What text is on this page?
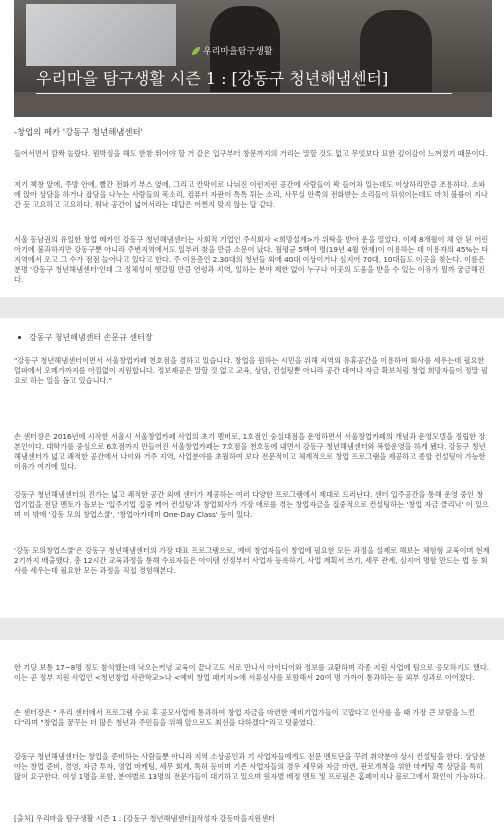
우리마을탐구생활
우리마을 탐구생활 시즌 1 : [강동구 청년해냄센터]

-창업의 메카 '강동구 청년해냄센터'

들어서면서 깜짝 놀랐다. 뭔박징을 해도 한참 뛰어야 할 거 같은 입구부터 창문까지의 거리는 말할 것도 없고 무엇보다 묘한 깊이감이 느껴졌기 때문이다.

저기 책창 앞에, 주방 안에, 빨간 전화기 부스 옆에, 그리고 칸막이로 나눠진 이런저런 공간에 사람들이 꽉 들어차 있는데도 이상하리만큼 조용하다. 소파에 앉아 상담을 하거나 잡담을 나누는 사람들의 목소리, 컴퓨터 자판이 톡톡 튀는 소리, 사무실 안쪽의 전화받는 소리들이 뒤섞이는데도 마치 볼륨이 지나간 듯 고요하고 고요하다. 워낙 공간이 넓어서라는 대답은 어쩐지 맞지 않는 답 같다.

서울 동남권의 유일한 창업 메카인 강동구 청년해냄센터는 사회적 기업인 주식회사 <희망설계>가 위탁을 받아 운을 열었다. 이제 8개월이 채 안 된 어린 아기에 불과하지만 강동구뿐 아니라 주변지역에서도 일부러 찾을 만큼 소문이 났다. 월평균 5백여 명(19년 4월 현재)이 이용하는 데 이용자의 45%는 타 지역에서 오고 그 수가 점점 늘어나고 있다고 한다. 주 이용층인 2.30대의 청년들 외에 40대 이상이거나 심지어 70대, 10대들도 이곳을 찾는다. 이름은 분명 '강동구 청년해냄센터'인데 그 정체성이 헷갈릴 만큼 연령과 지역, 일하는 분야 제한 없이 누구나 이곳의 도움을 받을 수 있는 이유가 뭘까 궁금해진다.

강동구 청년해냄센터 손문규 센터장

"강동구 청년해냄센터이면서 서울창업카페 천호점을 겸하고 있습니다. 창업을 원하는 시민을 위해 지역의 유휴공간을 이용하여 회사를 세우는데 필요한 얼파에서 오메가까지를 아낌없이 지원합니다. 정보제공은 말할 것 없고 교육, 상담, 컨설팅뿐 아니라 공간 대여나 자금 확보처럼 창업 희망자들이 정말 필요로 하는 일을 돕고 있습니다."

손 센터장은 2016년에 시작한 서울시 서울창업카페 사업의 초기 멤버로, 1호점인 숭실대점을 운영하면서 서울창업카페의 개념과 운영모델을 정립한 장본인이다. 대학가를 중심으로 6호점까지 만들어진 서울창업카페는 7호점을 천호동에 내면서 강동구 청년해냄센터와 복합운영을 하게 됐다. 강동구 청년해냄센터가 넓고 쾌적한 공간에서 나이와 거주 지역, 사업분야를 초월하여 보다 전문적이고 체계적으로 창업 프로그램을 제공하고 종합 컨설팅이 가능한 이유가 여기에 있다.

강동구 청년해냄센터의 진가는 넓고 쾌적한 공간 외에 센터가 제공하는 여러 다양한 프로그램에서 제대로 드러난다. 센터 입주공간을 통해 운영 중인 창업기업을 전담 멘토가 돌보는 '입주기업 집중 케어 컨설팅'과 창업회사가 가장 애로를 겪는 창업자금을 집중적으로 컨설팅하는 '창업 자금 클리닉' 이 있으며 이 밖에 '강동 모의 창업스쿨', '창업아카데미 One-Day Class' 등이 있다.

'강동 모의창업스쿨'은 강동구 청년해냄센터의 가장 대표 프로그램으로, 예비 창업자들이 창업에 필요한 모든 과정을 실제로 해보는 체험형 교육이며 현재 2기까지 배출했다. 총 12시간 교육과정을 통해 수료자들은 아이템 선정부터 사업자 등록하기, 사업 계획서 쓰기, 세무 관계, 심지어 명함 만드는 법 등 회사를 세우는데 필요한 모든 과정을 직접 경험해본다.

한 기당 보통 17~8명 정도 참석했는데 낙오는커녕 교육이 끝나고도 서로 만나서 아이디어와 정보를 교환하며 각종 지원 사업에 팀으로 응모하기도 했다. 이는 곧 정부 지원 사업인 <청년창업 사관학교>나 <예비 창업 패키지>에 서류심사를 포함해서 20여 명 가까이 통과하는 등 외부 성과로 이어졌다.

손 센터장은 " 우리 센터에서 프로그램 수료 후 공모사업에 통과하여 창업 자금을 마련한 예비기업가들이 고맙다고 인사를 올 때 가장 큰 보람을 느낀다"라며 "창업을 꿈꾸는 더 많은 청년과 주민들을 위해 앞으로도 최선을 다하겠다"라고 덧붙였다.

강동구 청년해냄센터는 창업을 준비하는 사람들뿐 아니라 지역 소상공인과 기 사업자들에게도 전문 멘토단을 꾸려 취약분야 상시 컨설팅을 한다. 상담분야는 창업 준비, 경영, 자금 투자, 영업 마케팅, 세무 회계, 특허 등이며 기존 사업자들의 경우 세무와 자금 마련, 판로개척을 위한 마케팅 쪽 상담을 특히 많이 요구한다. 여성 1명을 포함, 분야별로 13명의 전문가들이 대기하고 있으며 원자별 배정 멘토 및 프로필은 홈페이지나 블로그에서 확인이 가능하다.

[출처] 우리마을 탐구생활 시즌 1 : [강동구 청년해냄센터]|작성자 강동마을지원센터
